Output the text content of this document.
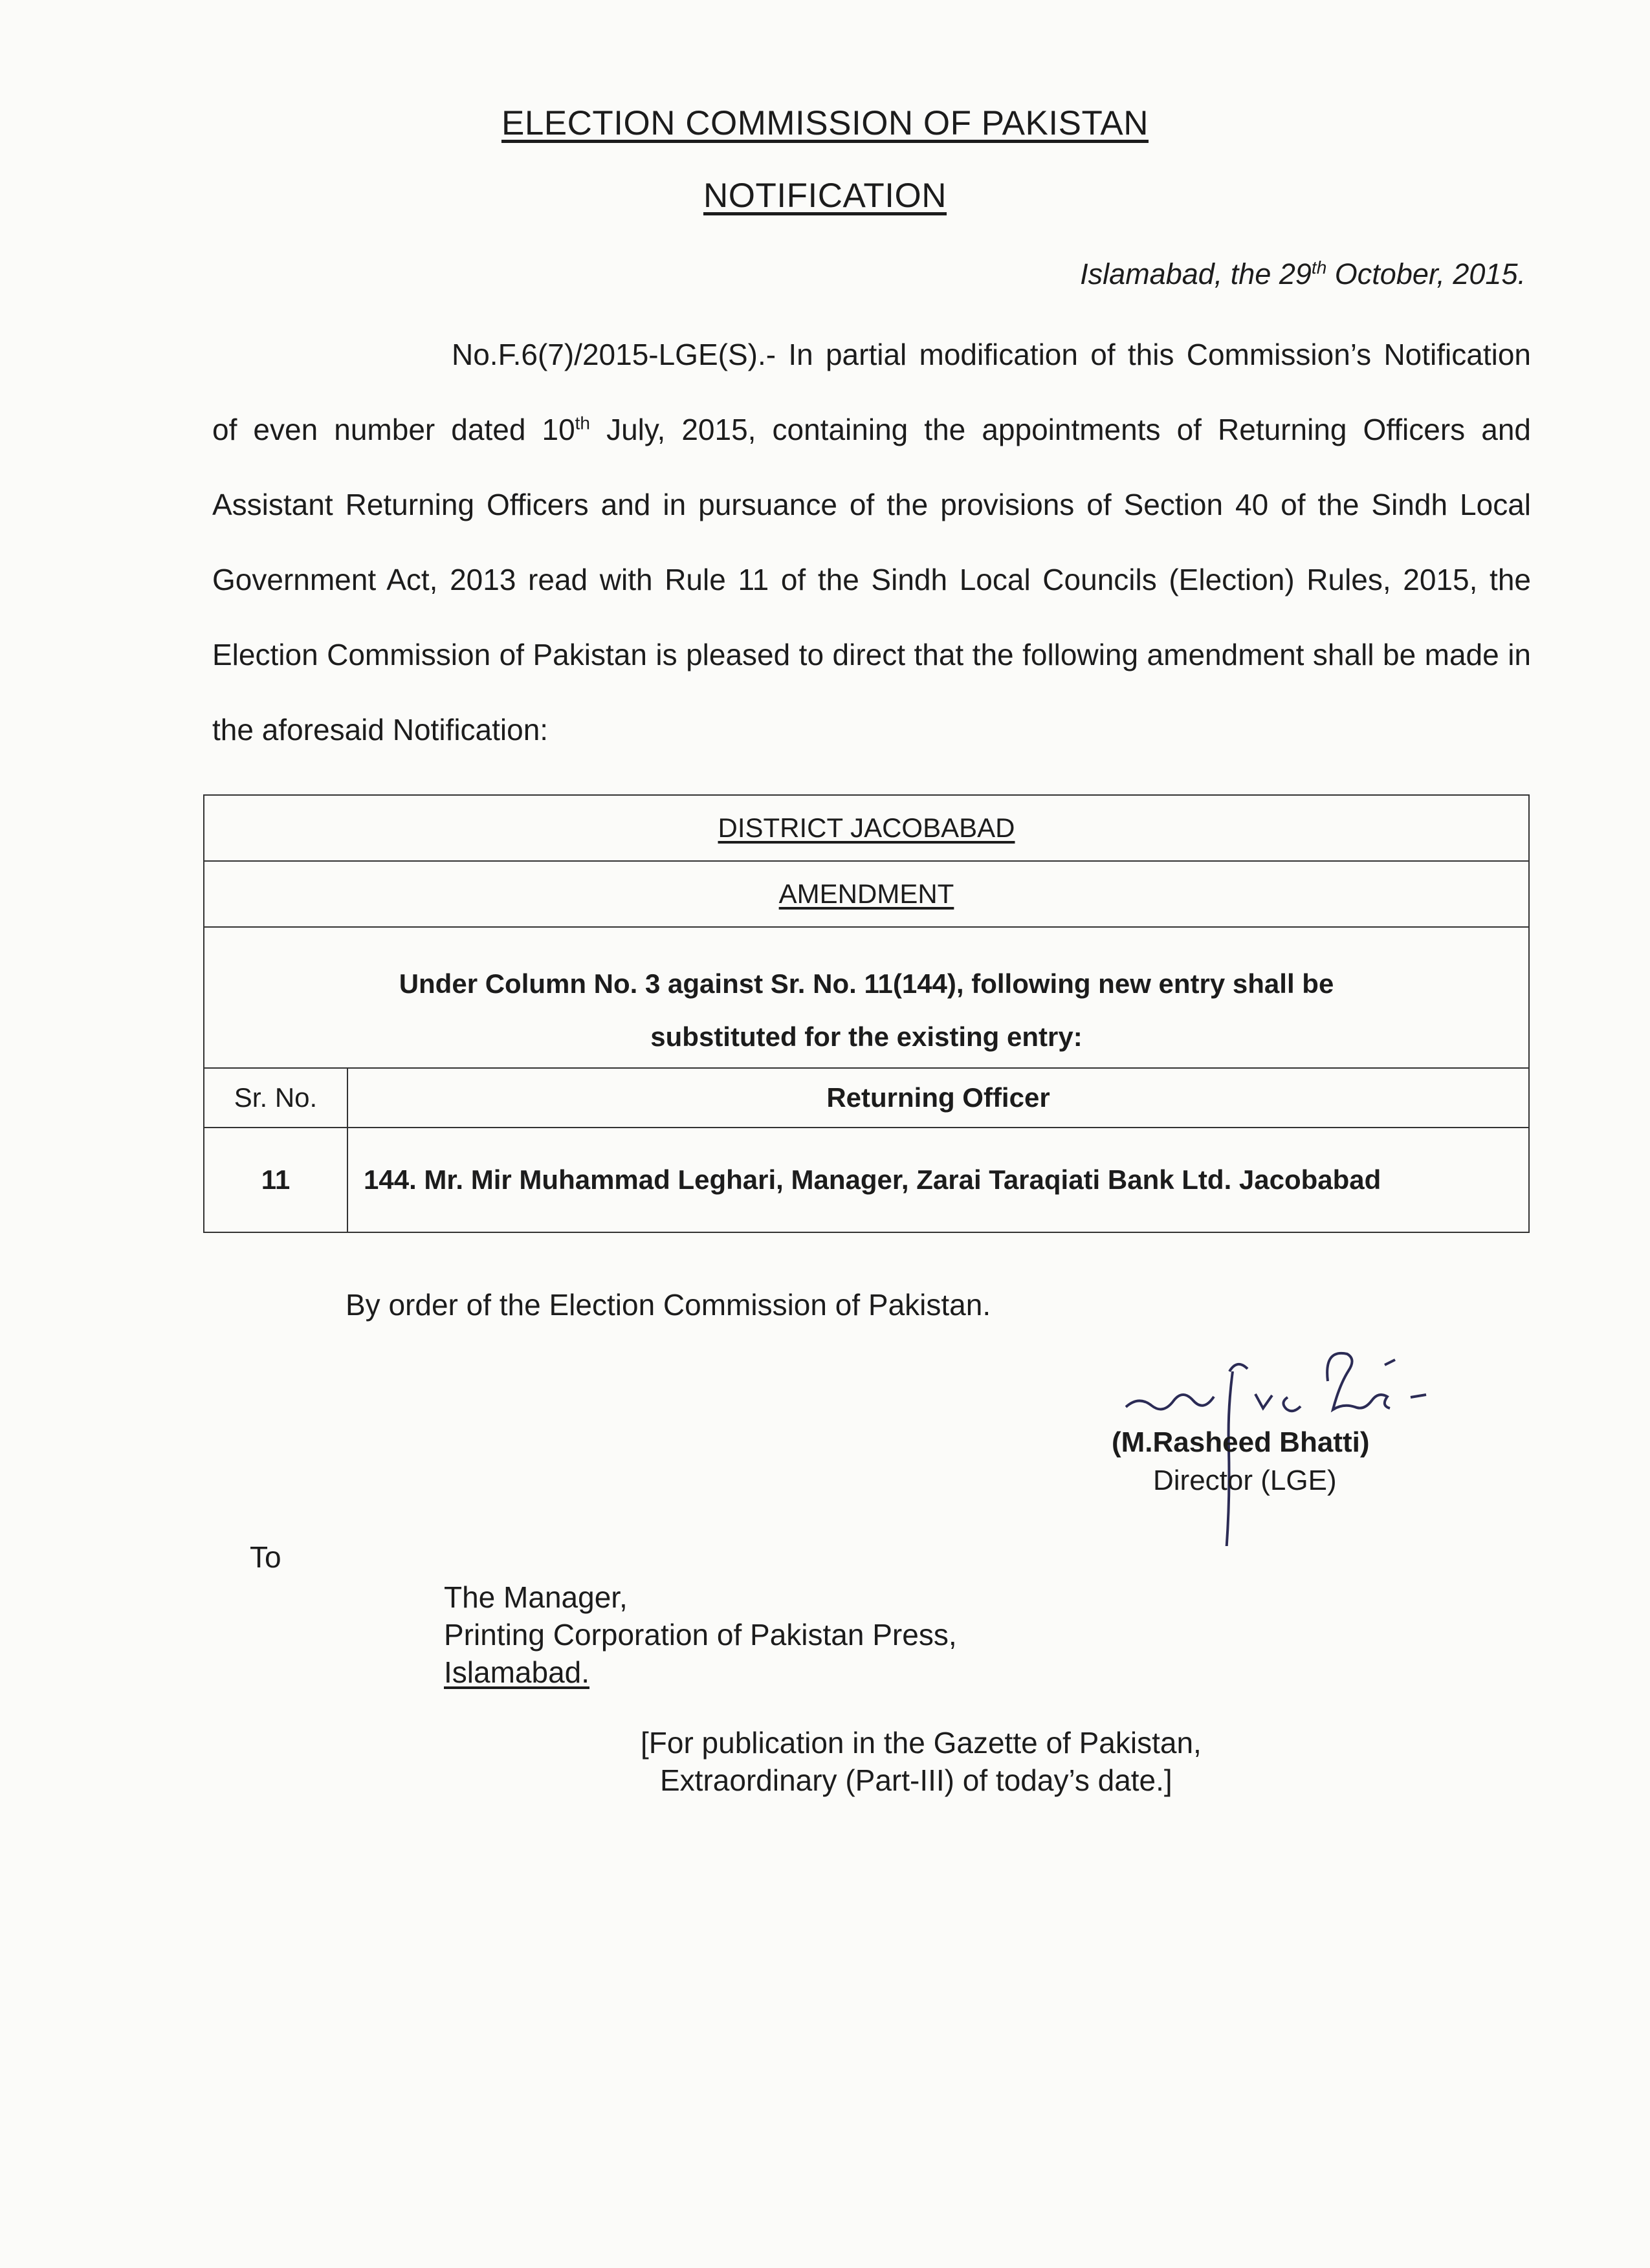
ELECTION COMMISSION OF PAKISTAN
NOTIFICATION
Islamabad, the 29th October, 2015.

No.F.6(7)/2015-LGE(S).- In partial modification of this Commission’s Notification of even number dated 10th July, 2015, containing the appointments of Returning Officers and Assistant Returning Officers and in pursuance of the provisions of Section 40 of the Sindh Local Government Act, 2013 read with Rule 11 of the Sindh Local Councils (Election) Rules, 2015, the Election Commission of Pakistan is pleased to direct that the following amendment shall be made in the aforesaid Notification:

DISTRICT JACOBABAD	
AMENDMENT	

Under Column No. 3 against Sr. No. 11(144), following new entry shall be substituted for the existing entry:	

Sr. No.	Returning Officer
11	144. Mr. Mir Muhammad Leghari, Manager, Zarai Taraqiati Bank Ltd. Jacobabad
By order of the Election Commission of Pakistan.
(M.Rasheed Bhatti)
Director (LGE)
To
The Manager,
Printing Corporation of Pakistan Press,
Islamabad.
[For publication in the Gazette of Pakistan,
Extraordinary (Part-III) of today’s date.]
